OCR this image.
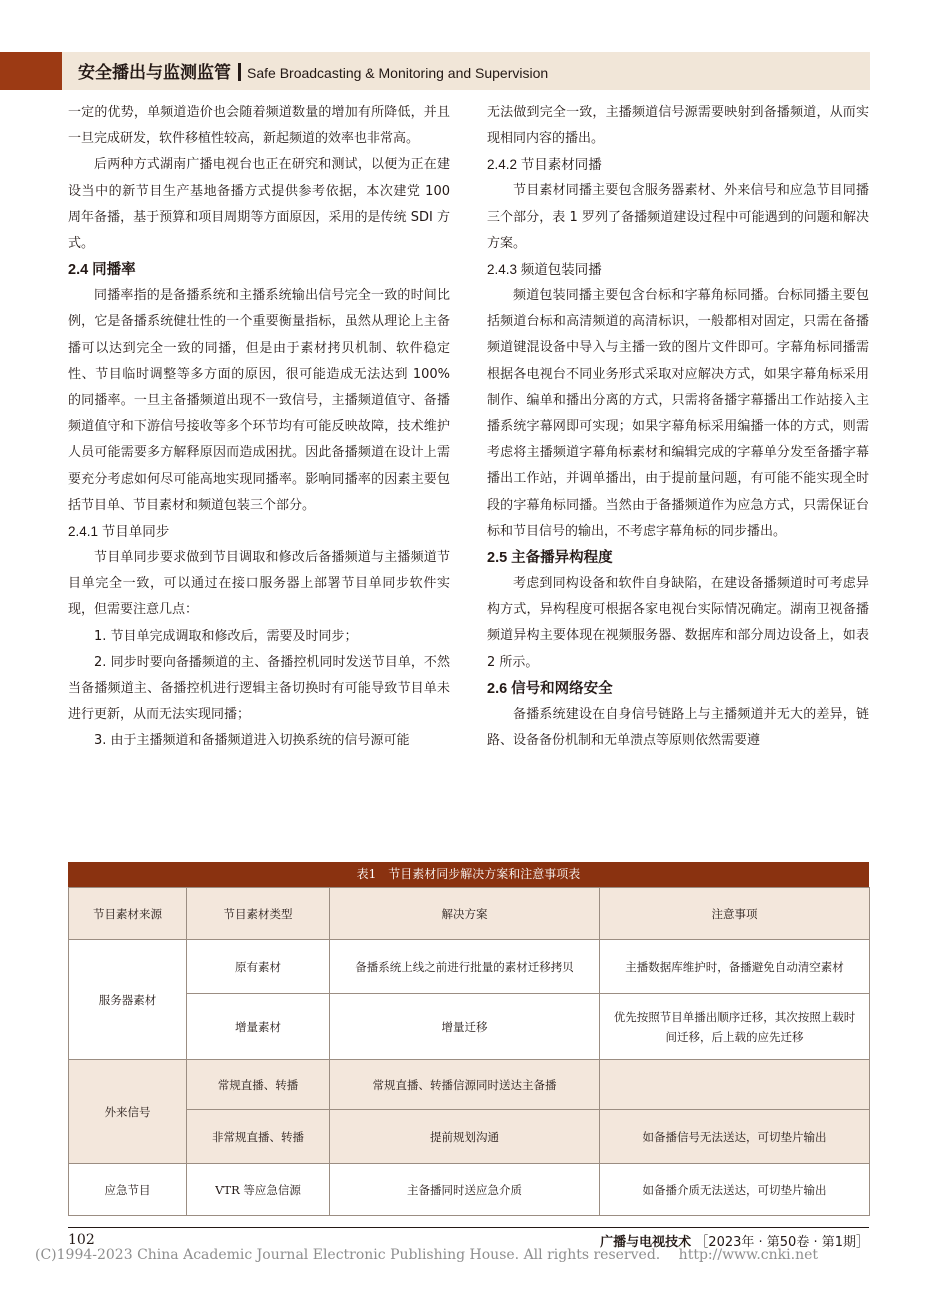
安全播出与监测监管 Safe Broadcasting & Monitoring and Supervision

一定的优势，单频道造价也会随着频道数量的增加有所降低，并且一旦完成研发，软件移植性较高，新起频道的效率也非常高。

后两种方式湖南广播电视台也正在研究和测试，以便为正在建设当中的新节目生产基地备播方式提供参考依据，本次建党 100 周年备播，基于预算和项目周期等方面原因，采用的是传统 SDI 方式。

2.4 同播率

同播率指的是备播系统和主播系统输出信号完全一致的时间比例，它是备播系统健壮性的一个重要衡量指标，虽然从理论上主备播可以达到完全一致的同播，但是由于素材拷贝机制、软件稳定性、节目临时调整等多方面的原因，很可能造成无法达到 100% 的同播率。一旦主备播频道出现不一致信号，主播频道值守、备播频道值守和下游信号接收等多个环节均有可能反映故障，技术维护人员可能需要多方解释原因而造成困扰。因此备播频道在设计上需要充分考虑如何尽可能高地实现同播率。影响同播率的因素主要包括节目单、节目素材和频道包装三个部分。

2.4.1 节目单同步

节目单同步要求做到节目调取和修改后备播频道与主播频道节目单完全一致，可以通过在接口服务器上部署节目单同步软件实现，但需要注意几点：

1. 节目单完成调取和修改后，需要及时同步；

2. 同步时要向备播频道的主、备播控机同时发送节目单，不然当备播频道主、备播控机进行逻辑主备切换时有可能导致节目单未进行更新，从而无法实现同播；

3. 由于主播频道和备播频道进入切换系统的信号源可能

无法做到完全一致，主播频道信号源需要映射到备播频道，从而实现相同内容的播出。

2.4.2 节目素材同播

节目素材同播主要包含服务器素材、外来信号和应急节目同播三个部分，表 1 罗列了备播频道建设过程中可能遇到的问题和解决方案。

2.4.3 频道包装同播

频道包装同播主要包含台标和字幕角标同播。台标同播主要包括频道台标和高清频道的高清标识，一般都相对固定，只需在备播频道键混设备中导入与主播一致的图片文件即可。字幕角标同播需根据各电视台不同业务形式采取对应解决方式，如果字幕角标采用制作、编单和播出分离的方式，只需将备播字幕播出工作站接入主播系统字幕网即可实现；如果字幕角标采用编播一体的方式，则需考虑将主播频道字幕角标素材和编辑完成的字幕单分发至备播字幕播出工作站，并调单播出，由于提前量问题，有可能不能实现全时段的字幕角标同播。当然由于备播频道作为应急方式，只需保证台标和节目信号的输出，不考虑字幕角标的同步播出。

2.5 主备播异构程度

考虑到同构设备和软件自身缺陷，在建设备播频道时可考虑异构方式，异构程度可根据各家电视台实际情况确定。湖南卫视备播频道异构主要体现在视频服务器、数据库和部分周边设备上，如表 2 所示。

2.6 信号和网络安全

备播系统建设在自身信号链路上与主播频道并无大的差异，链路、设备备份机制和无单溃点等原则依然需要遵

表1　节目素材同步解决方案和注意事项表
节目素材来源	节目素材类型	解决方案	注意事项
服务器素材	原有素材	备播系统上线之前进行批量的素材迁移拷贝	主播数据库维护时，备播避免自动清空素材
	增量素材	增量迁移	优先按照节目单播出顺序迁移，其次按照上载时间迁移，后上载的应先迁移
外来信号	常规直播、转播	常规直播、转播信源同时送达主备播	
	非常规直播、转播	提前规划沟通	如备播信号无法送达，可切垫片输出
应急节目	VTR 等应急信源	主备播同时送应急介质	如备播介质无法送达，可切垫片输出
102	广播与电视技术 ［2023年 · 第50卷 · 第1期］
(C)1994-2023 China Academic Journal Electronic Publishing House. All rights reserved.　 http://www.cnki.net
